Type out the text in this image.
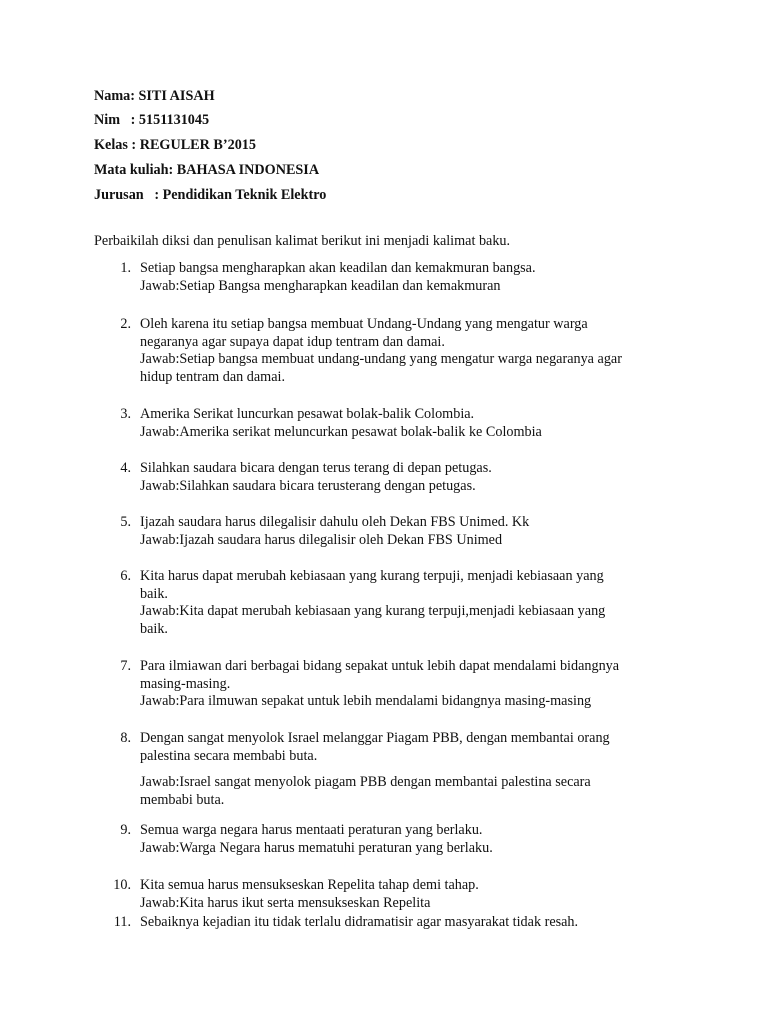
Nama: SITI AISAH
Nim   : 5151131045
Kelas : REGULER B’2015
Mata kuliah: BAHASA INDONESIA
Jurusan   : Pendidikan Teknik Elektro
Perbaikilah diksi dan penulisan kalimat berikut ini menjadi kalimat baku.
1. Setiap bangsa mengharapkan akan keadilan dan kemakmuran bangsa.
Jawab:Setiap Bangsa mengharapkan keadilan dan kemakmuran
2. Oleh karena itu setiap bangsa membuat Undang-Undang yang mengatur warga
negaranya agar supaya dapat idup tentram dan damai.
Jawab:Setiap bangsa membuat undang-undang yang mengatur warga negaranya agar
hidup tentram dan damai.
3. Amerika Serikat luncurkan pesawat bolak-balik Colombia.
Jawab:Amerika serikat meluncurkan pesawat bolak-balik ke Colombia
4. Silahkan saudara bicara dengan terus terang di depan petugas.
Jawab:Silahkan saudara bicara terusterang dengan petugas.
5. Ijazah saudara harus dilegalisir dahulu oleh Dekan FBS Unimed. Kk
Jawab:Ijazah saudara harus dilegalisir oleh Dekan FBS Unimed
6. Kita harus dapat merubah kebiasaan yang kurang terpuji, menjadi kebiasaan yang
baik.
Jawab:Kita dapat merubah kebiasaan yang kurang terpuji,menjadi kebiasaan yang
baik.
7. Para ilmiawan dari berbagai bidang sepakat untuk lebih dapat mendalami bidangnya
masing-masing.
Jawab:Para ilmuwan sepakat untuk lebih mendalami bidangnya masing-masing
8. Dengan sangat menyolok Israel melanggar Piagam PBB, dengan membantai orang
palestina secara membabi buta.
Jawab:Israel sangat menyolok piagam PBB dengan membantai palestina secara
membabi buta.
9. Semua warga negara harus mentaati peraturan yang berlaku.
Jawab:Warga Negara harus mematuhi peraturan yang berlaku.
10. Kita semua harus mensukseskan Repelita tahap demi tahap.
Jawab:Kita harus ikut serta mensukseskan Repelita
11. Sebaiknya kejadian itu tidak terlalu didramatisir agar masyarakat tidak resah.
